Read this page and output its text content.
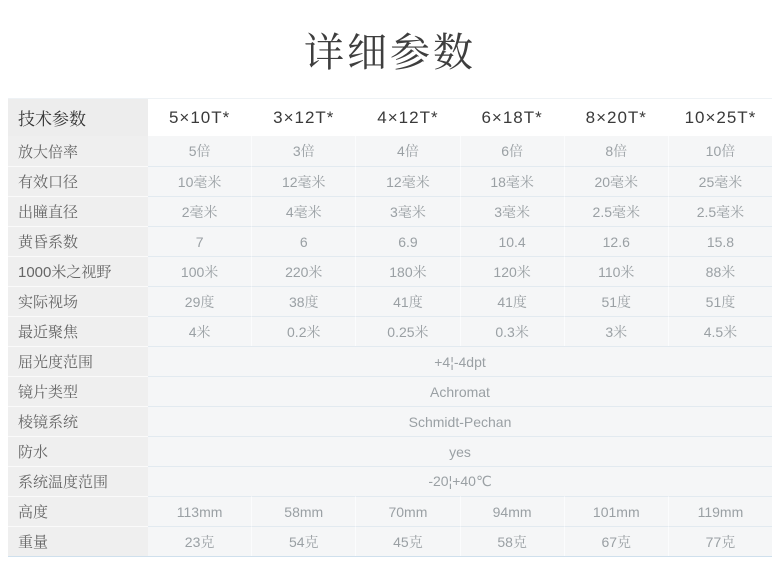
详细参数
技术参数	5×10T*	3×12T*	4×12T*	6×18T*	8×20T*	10×25T*
放大倍率	5倍	3倍	4倍	6倍	8倍	10倍
有效口径	10毫米	12毫米	12毫米	18毫米	20毫米	25毫米
出瞳直径	2毫米	4毫米	3毫米	3毫米	2.5毫米	2.5毫米
黄昏系数	7	6	6.9	10.4	12.6	15.8
1000米之视野	100米	220米	180米	120米	110米	88米
实际视场	29度	38度	41度	41度	51度	51度
最近聚焦	4米	0.2米	0.25米	0.3米	3米	4.5米
屈光度范围	+4¦-4dpt
镜片类型	Achromat
棱镜系统	Schmidt-Pechan
防水	yes
系统温度范围	-20¦+40℃
高度	113mm	58mm	70mm	94mm	101mm	119mm
重量	23克	54克	45克	58克	67克	77克
